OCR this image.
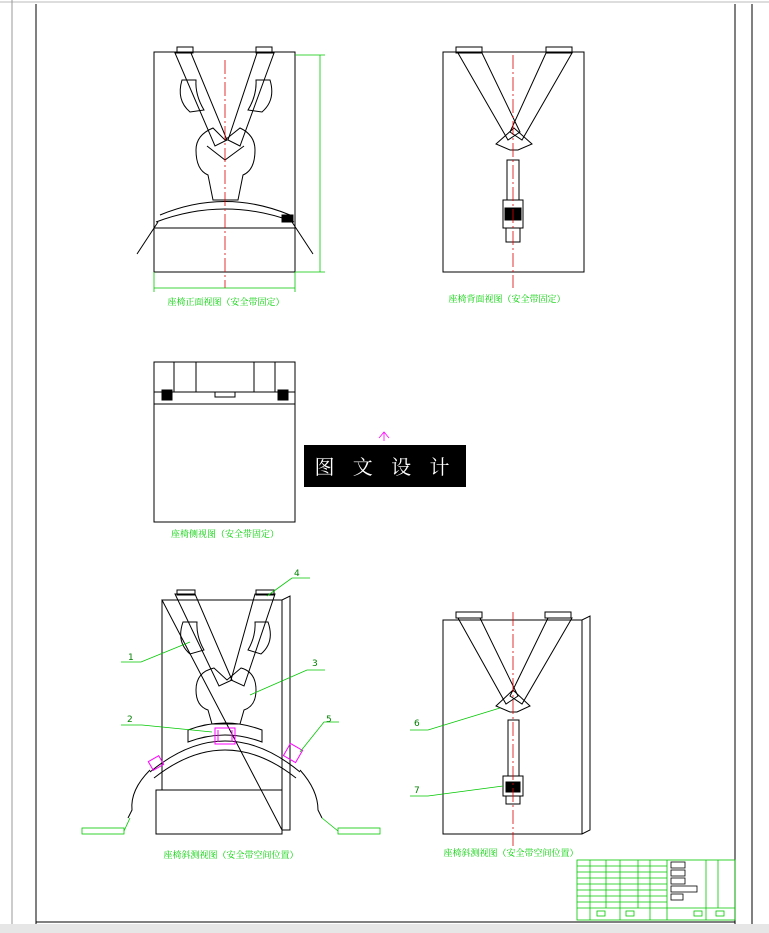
座椅正面视图（安全带固定）	座椅背面视图（安全带固定）
座椅侧视图（安全带固定）
图 文 设 计
1
2
3
4
5
座椅斜测视图（安全带空间位置）
6
7
座椅斜测视图（安全带空间位置）
